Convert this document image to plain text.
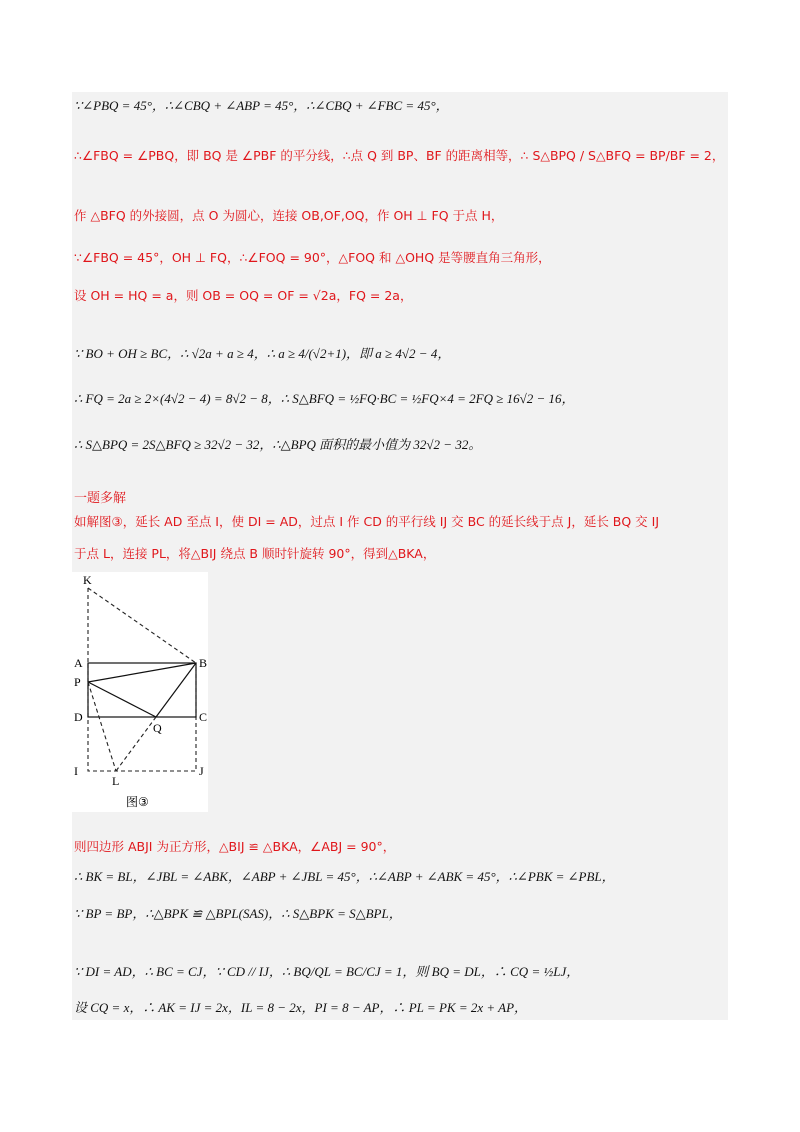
∵∠PBQ = 45°，∴∠CBQ + ∠ABP = 45°，∴∠CBQ + ∠FBC = 45°，
∴∠FBQ = ∠PBQ，即 BQ 是 ∠PBF 的平分线，∴点 Q 到 BP、BF 的距离相等，∴ S△BPQ / S△BFQ = BP/BF = 2，
作 △BFQ 的外接圆，点 O 为圆心，连接 OB,OF,OQ，作 OH ⊥ FQ 于点 H，
∵∠FBQ = 45°，OH ⊥ FQ，∴∠FOQ = 90°，△FOQ 和 △OHQ 是等腰直角三角形，
设 OH = HQ = a，则 OB = OQ = OF = √2a，FQ = 2a，
∵ BO + OH ≥ BC，∴ √2a + a ≥ 4，∴ a ≥ 4/(√2+1)，即 a ≥ 4√2 − 4，
∴ FQ = 2a ≥ 2×(4√2 − 4) = 8√2 − 8，∴ S△BFQ = ½FQ·BC = ½FQ×4 = 2FQ ≥ 16√2 − 16，
∴ S△BPQ = 2S△BFQ ≥ 32√2 − 32，∴△BPQ 面积的最小值为 32√2 − 32。
一题多解
如解图③，延长 AD 至点 I，使 DI = AD，过点 I 作 CD 的平行线 IJ 交 BC 的延长线于点 J，延长 BQ 交 IJ
于点 L，连接 PL，将△BIJ 绕点 B 顺时针旋转 90°，得到△BKA，
K
A	B
P
D	C
Q
I	J
L
图③
则四边形 ABJI 为正方形，△BIJ ≌ △BKA，∠ABJ = 90°，
∴ BK = BL，∠JBL = ∠ABK，∠ABP + ∠JBL = 45°，∴∠ABP + ∠ABK = 45°，∴∠PBK = ∠PBL，
∵ BP = BP，∴△BPK ≌ △BPL(SAS)，∴ S△BPK = S△BPL，
∵ DI = AD，∴ BC = CJ，∵ CD // IJ，∴ BQ/QL = BC/CJ = 1，则 BQ = DL，∴ CQ = ½LJ，
设 CQ = x，∴ AK = IJ = 2x，IL = 8 − 2x，PI = 8 − AP，∴ PL = PK = 2x + AP，
